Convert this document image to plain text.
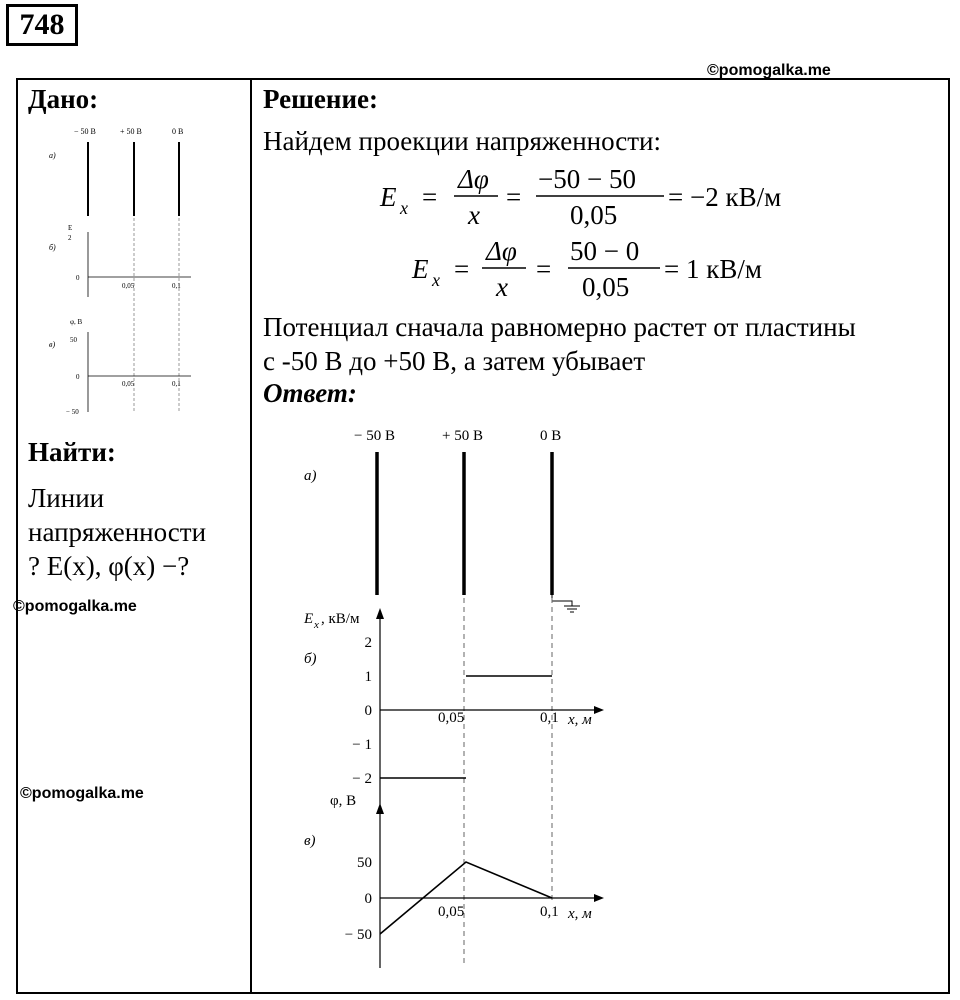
748
©pomogalka.me
©pomogalka.me
©pomogalka.me
Дано:
− 50 В	+ 50 В	0 В
а)
б)
в)
E
2
0
0,05	0,1
φ, В
50
0
0,05	0,1
− 50
Найти:
Линии
напряженности
? E(x), φ(x) −?
Решение:
Найдем проекции напряженности:
E x =
Δφ
x
=
−50 − 50
0,05
= −2 кВ/м
E x =
Δφ
x
=
50 − 0
0,05
= 1 кВ/м
Потенциал сначала равномерно растет от пластины
с -50 В до +50 В, а затем убывает
Ответ:
− 50 В	+ 50 В	0 В
а)
б)
в)
E x , кВ/м
0,05	0,1 x, м
2
1
0
− 1
− 2
φ, В
0,05	0,1 x, м
50
0
− 50
